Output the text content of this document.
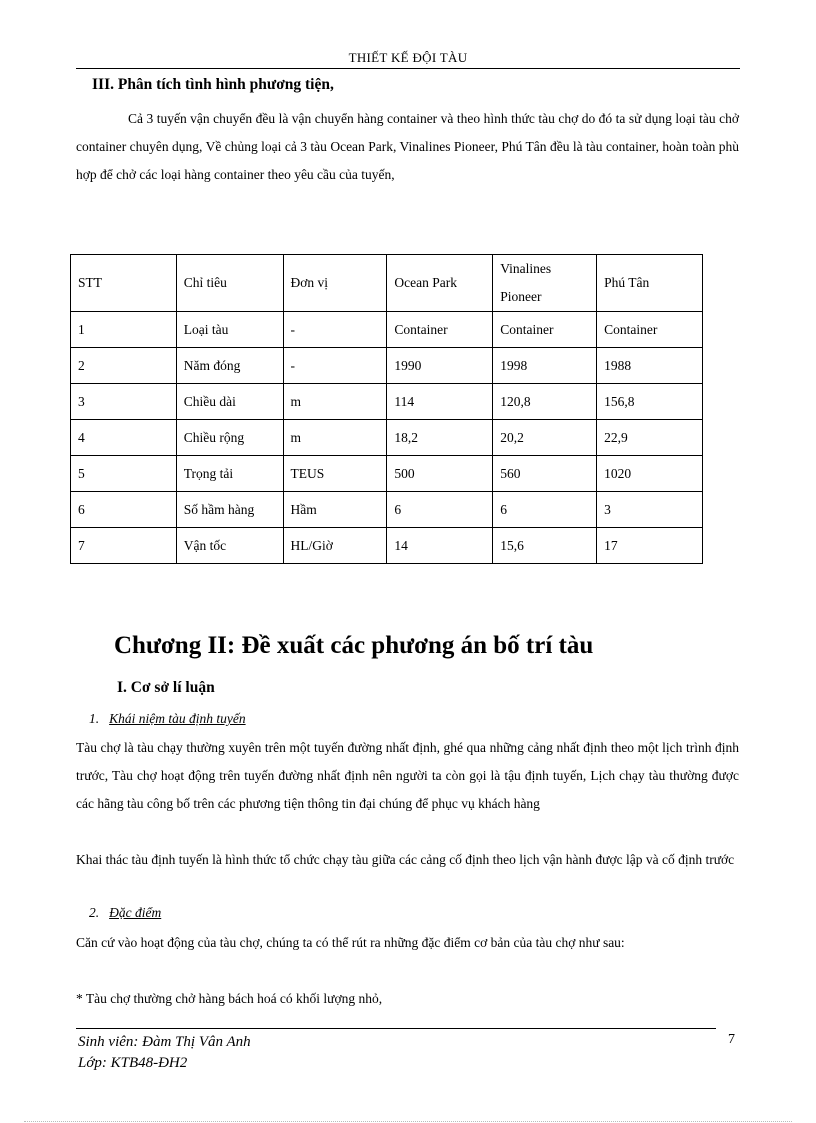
THIẾT KẾ ĐỘI TÀU
III. Phân tích tình hình phương tiện,
Cả 3 tuyến vận chuyển đều là vận chuyển hàng container và theo hình thức tàu chợ do đó ta sử dụng loại tàu chở container chuyên dụng, Về chủng loại cả 3 tàu Ocean Park, Vinalines Pioneer, Phú Tân đều là tàu container, hoàn toàn phù hợp để chở các loại hàng container theo yêu cầu của tuyến,
STT	Chỉ tiêu	Đơn vị	Ocean Park	Vinalines Pioneer	Phú Tân
1	Loại tàu	-	Container	Container	Container
2	Năm đóng	-	1990	1998	1988
3	Chiều dài	m	114	120,8	156,8
4	Chiều rộng	m	18,2	20,2	22,9
5	Trọng tải	TEUS	500	560	1020
6	Số hầm hàng	Hầm	6	6	3
7	Vận tốc	HL/Giờ	14	15,6	17
Chương II: Đề xuất các phương án bố trí tàu
I. Cơ sở lí luận
1. Khái niệm tàu định tuyến
Tàu chợ là tàu chạy thường xuyên trên một tuyến đường nhất định, ghé qua những cảng nhất định theo một lịch trình định trước, Tàu chợ hoạt động trên tuyến đường nhất định nên người ta còn gọi là tậu định tuyến, Lịch chạy tàu thường được các hãng tàu công bố trên các phương tiện thông tin đại chúng để phục vụ khách hàng
Khai thác tàu định tuyến là hình thức tổ chức chạy tàu giữa các cảng cố định theo lịch vận hành được lập và cố định trước
2. Đặc điểm
Căn cứ vào hoạt động của tàu chợ, chúng ta có thể rút ra những đặc điểm cơ bản của tàu chợ như sau:
* Tàu chợ thường chở hàng bách hoá có khối lượng nhỏ,
Sinh viên: Đàm Thị Vân Anh
Lớp: KTB48-ĐH2
7
